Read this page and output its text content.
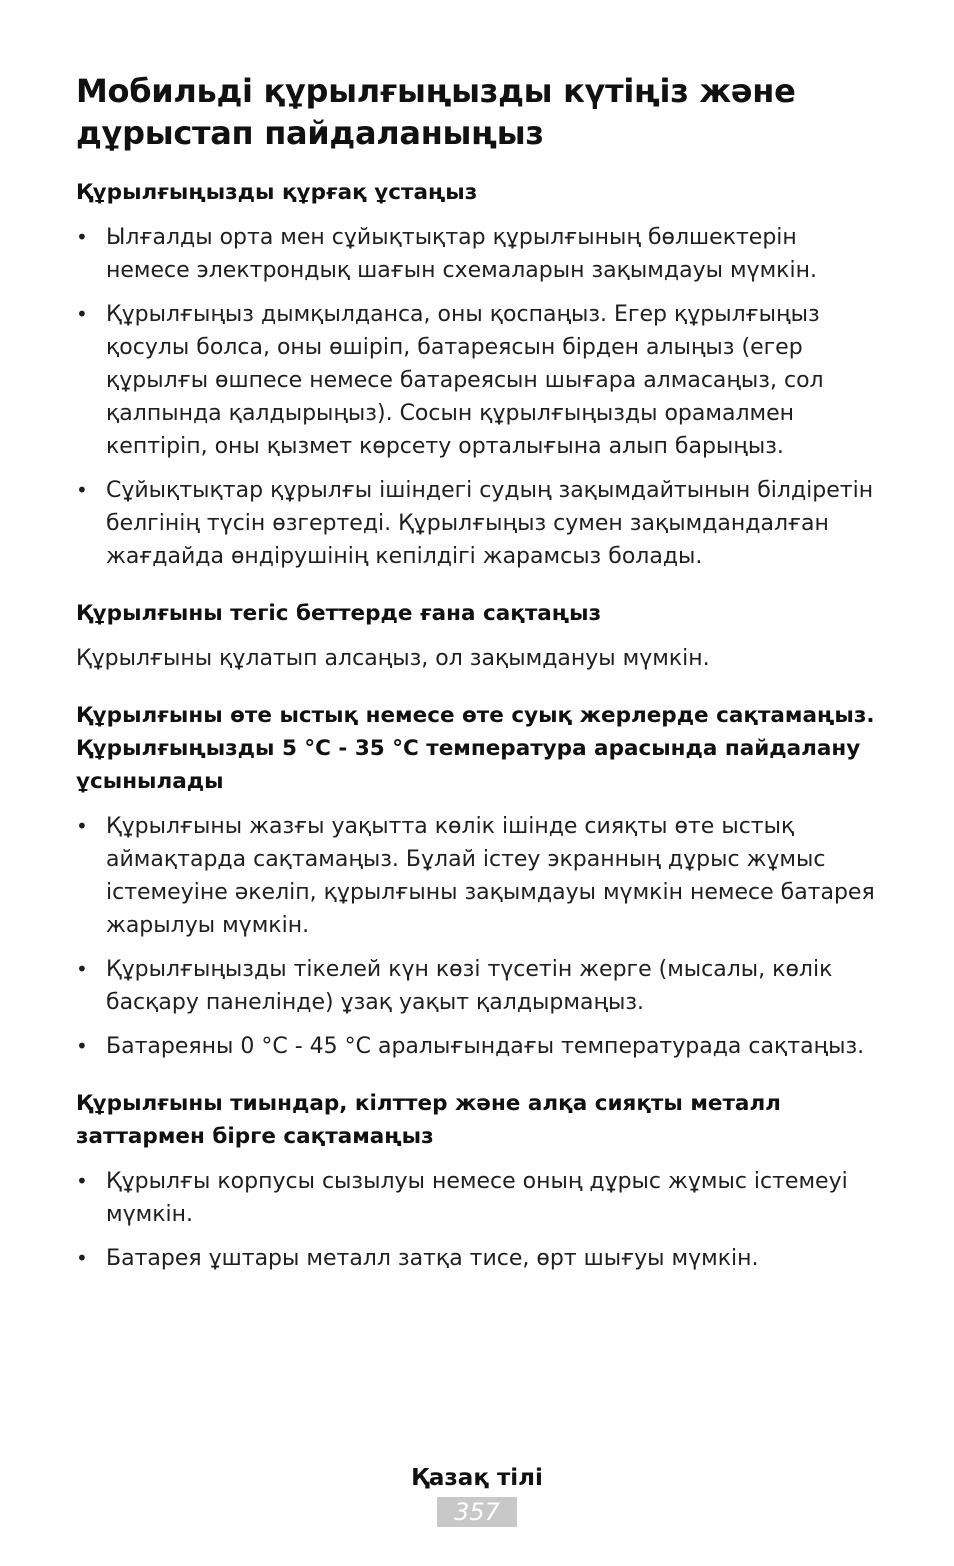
Мобильді құрылғыңызды күтіңіз және дұрыстап пайдаланыңыз
Құрылғыңызды құрғақ ұстаңыз
• Ылғалды орта мен сұйықтықтар құрылғының бөлшектерін немесе электрондық шағын схемаларын зақымдауы мүмкін.
• Құрылғыңыз дымқылданса, оны қоспаңыз. Егер құрылғыңыз қосулы болса, оны өшіріп, батареясын бірден алыңыз (егер құрылғы өшпесе немесе батареясын шығара алмасаңыз, сол қалпында қалдырыңыз). Сосын құрылғыңызды орамалмен кептіріп, оны қызмет көрсету орталығына алып барыңыз.
• Сұйықтықтар құрылғы ішіндегі судың зақымдайтынын білдіретін белгінің түсін өзгертеді. Құрылғыңыз сумен зақымдандалған жағдайда өндірушінің кепілдігі жарамсыз болады.
Құрылғыны тегіс беттерде ғана сақтаңыз

Құрылғыны құлатып алсаңыз, ол зақымдануы мүмкін.

Құрылғыны өте ыстық немесе өте суық жерлерде сақтамаңыз. Құрылғыңызды 5 °C - 35 °C температура арасында пайдалану ұсынылады
• Құрылғыны жазғы уақытта көлік ішінде сияқты өте ыстық аймақтарда сақтамаңыз. Бұлай істеу экранның дұрыс жұмыс істемеуіне әкеліп, құрылғыны зақымдауы мүмкін немесе батарея жарылуы мүмкін.
• Құрылғыңызды тікелей күн көзі түсетін жерге (мысалы, көлік басқару панелінде) ұзақ уақыт қалдырмаңыз.
• Батареяны 0 °C - 45 °C аралығындағы температурада сақтаңыз.
Құрылғыны тиындар, кілттер және алқа сияқты металл заттармен бірге сақтамаңыз
• Құрылғы корпусы сызылуы немесе оның дұрыс жұмыс істемеуі мүмкін.
• Батарея ұштары металл затқа тисе, өрт шығуы мүмкін.
Қазақ тілі
357
